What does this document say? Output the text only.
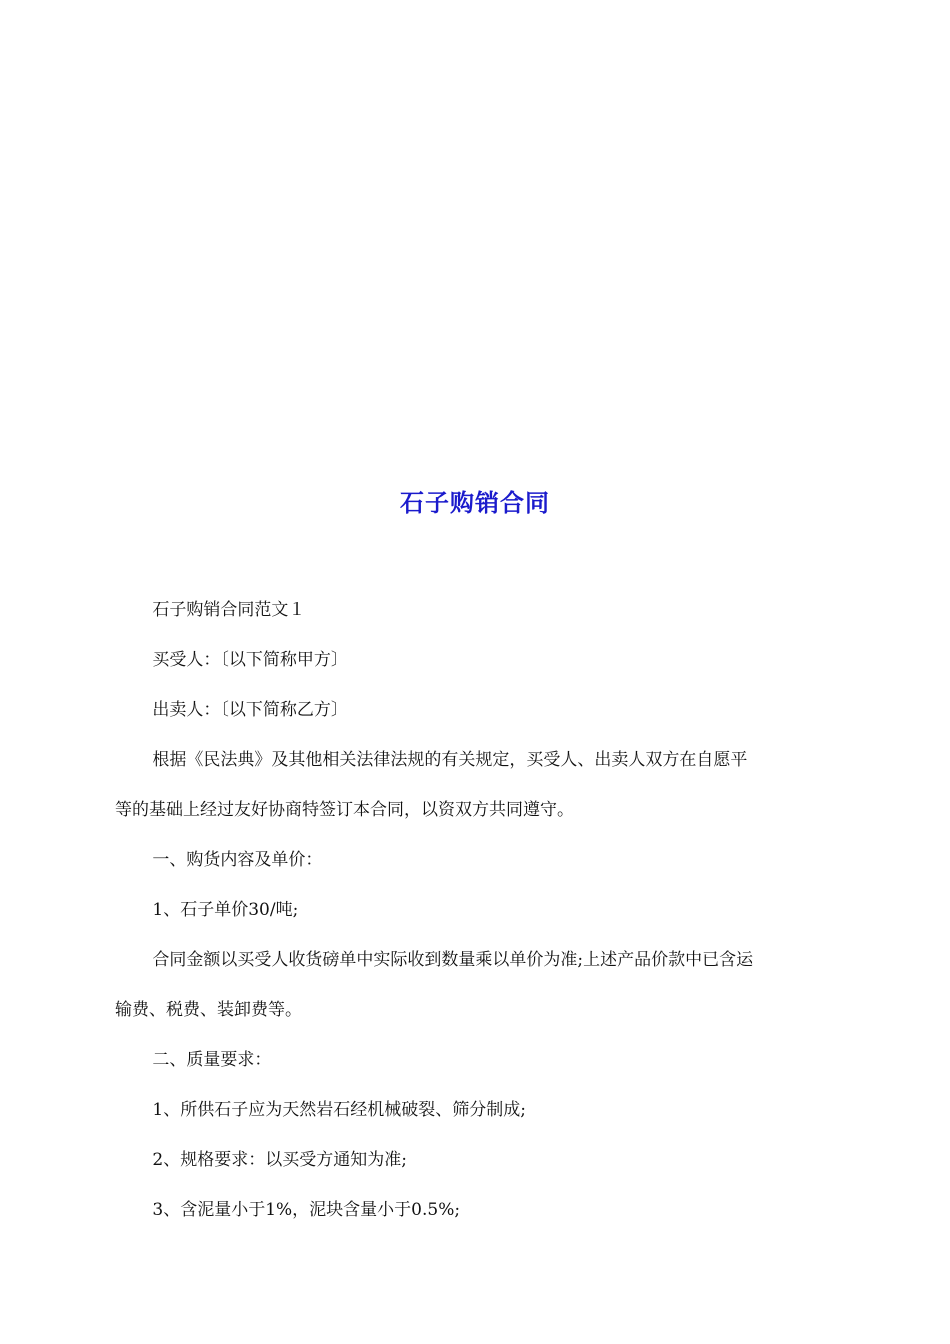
石子购销合同

石子购销合同范文１

买受人：〔以下简称甲方〕

出卖人：〔以下简称乙方〕

根据《民法典》及其他相关法律法规的有关规定，买受人、出卖人双方在自愿平
等的基础上经过友好协商特签订本合同，以资双方共同遵守。

一、购货内容及单价：

1、石子单价30/吨;

合同金额以买受人收货磅单中实际收到数量乘以单价为准;上述产品价款中已含运
输费、税费、装卸费等。

二、质量要求：

1、所供石子应为天然岩石经机械破裂、筛分制成;

2、规格要求：以买受方通知为准;

3、含泥量小于1%，泥块含量小于0.5%;
